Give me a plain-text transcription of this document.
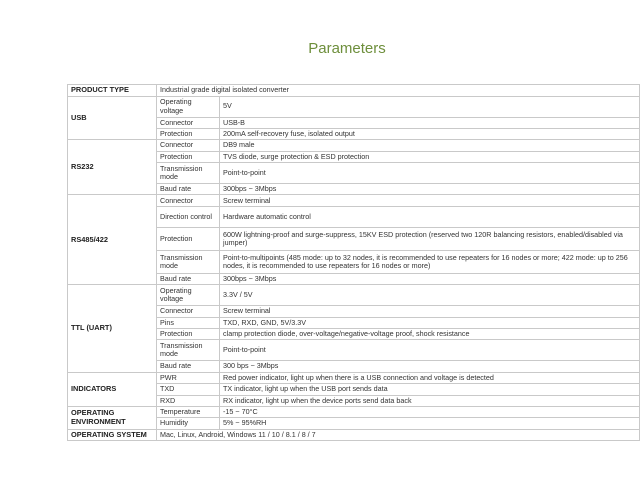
Parameters
PRODUCT TYPE	Industrial grade digital isolated converter	
USB	Operating voltage	5V
	Connector	USB-B
	Protection	200mA self-recovery fuse, isolated output
RS232	Connector	DB9 male
	Protection	TVS diode, surge protection & ESD protection
	Transmission mode	Point-to-point
	Baud rate	300bps ~ 3Mbps
RS485/422	Connector	Screw terminal
	Direction control	Hardware automatic control
	Protection	600W lightning-proof and surge-suppress, 15KV ESD protection (reserved two 120R balancing resistors, enabled/disabled via jumper)
	Transmission mode	Point-to-multipoints (485 mode: up to 32 nodes, it is recommended to use repeaters for 16 nodes or more; 422 mode: up to 256 nodes, it is recommended to use repeaters for 16 nodes or more)
	Baud rate	300bps ~ 3Mbps
TTL (UART)	Operating voltage	3.3V / 5V
	Connector	Screw terminal
	Pins	TXD, RXD, GND, 5V/3.3V
	Protection	clamp protection diode, over-voltage/negative-voltage proof, shock resistance
	Transmission mode	Point-to-point
	Baud rate	300 bps ~ 3Mbps
INDICATORS	PWR	Red power indicator, light up when there is a USB connection and voltage is detected
	TXD	TX indicator, light up when the USB port sends data
	RXD	RX indicator, light up when the device ports send data back
OPERATING ENVIRONMENT	Temperature	-15 ~ 70°C
	Humidity	5% ~ 95%RH
OPERATING SYSTEM	Mac, Linux, Android, Windows 11 / 10 / 8.1 / 8 / 7	
